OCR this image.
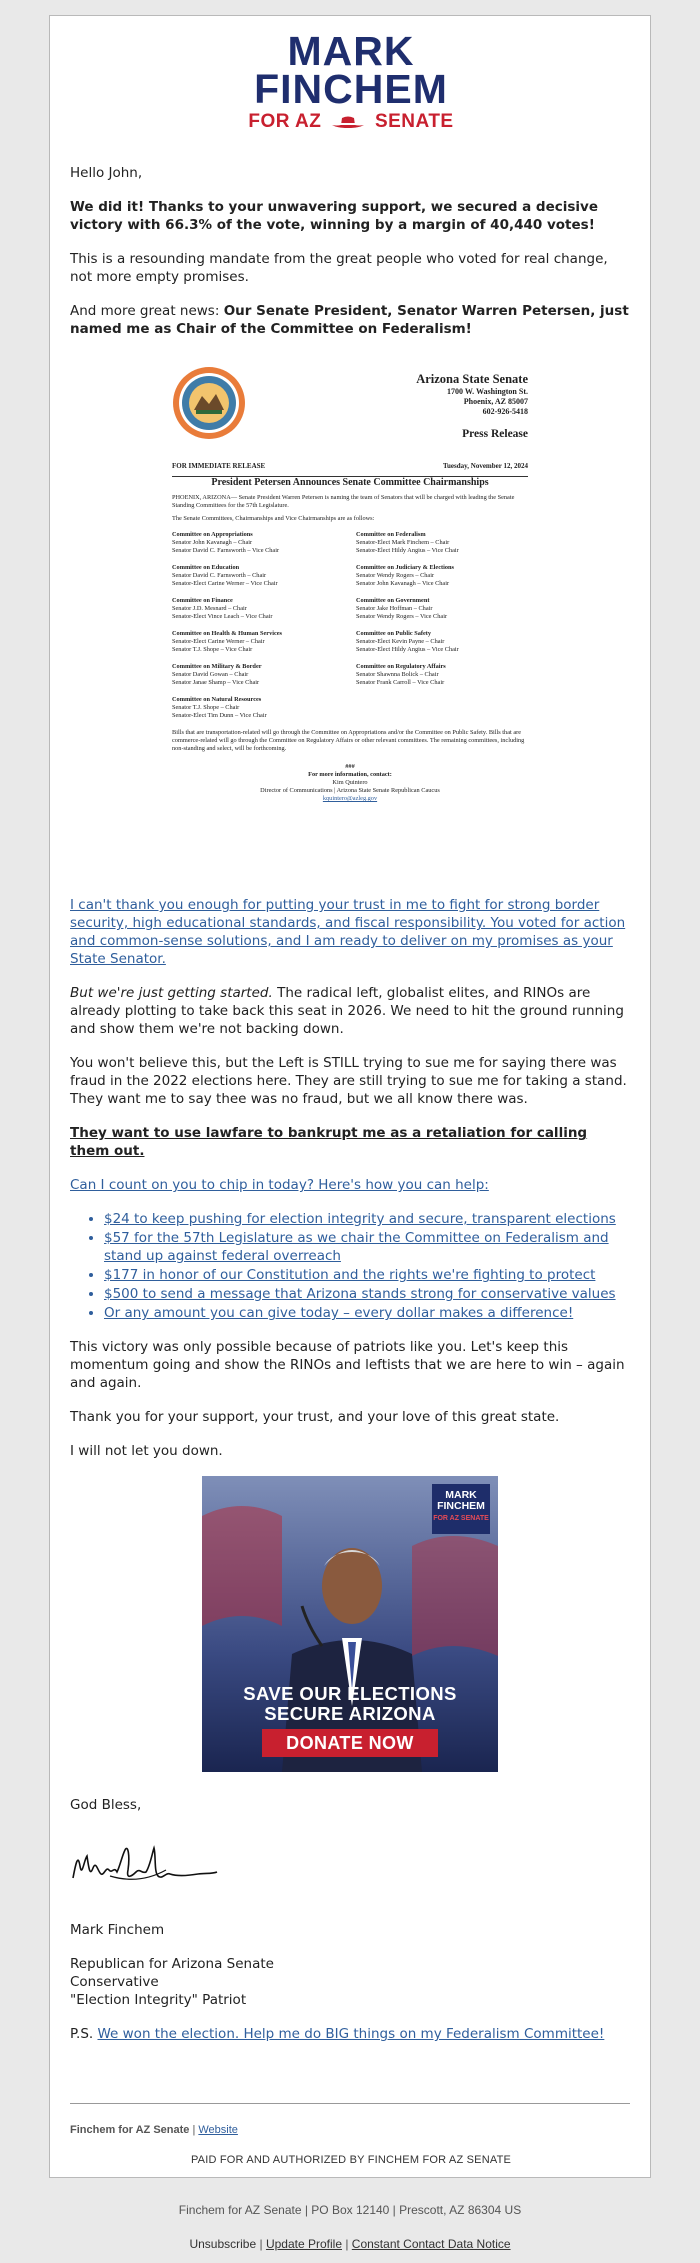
MARK
FINCHEM
FOR AZ	SENATE

Hello John,

We did it! Thanks to your unwavering support, we secured a decisive victory with 66.3% of the vote, winning by a margin of 40,440 votes!

This is a resounding mandate from the great people who voted for real change, not more empty promises.

And more great news: Our Senate President, Senator Warren Petersen, just named me as Chair of the Committee on Federalism!

Arizona State Senate
1700 W. Washington St.
Phoenix, AZ 85007
602-926-5418
Press Release
FOR IMMEDIATE RELEASE	Tuesday, November 12, 2024
President Petersen Announces Senate Committee Chairmanships
PHOENIX, ARIZONA— Senate President Warren Petersen is naming the team of Senators that will be charged with leading the Senate Standing Committees for the 57th Legislature.
The Senate Committees, Chairmanships and Vice Chairmanships are as follows:
Committee on Appropriations
Senator John Kavanagh – Chair
Senator David C. Farnsworth – Vice Chair
Committee on Education
Senator David C. Farnsworth – Chair
Senator-Elect Carine Werner – Vice Chair
Committee on Finance
Senator J.D. Mesnard – Chair
Senator-Elect Vince Leach – Vice Chair
Committee on Health & Human Services
Senator-Elect Carine Werner – Chair
Senator T.J. Shope – Vice Chair
Committee on Military & Border
Senator David Gowan – Chair
Senator Janae Shamp – Vice Chair
Committee on Natural Resources
Senator T.J. Shope – Chair
Senator-Elect Tim Dunn – Vice Chair
Committee on Federalism
Senator-Elect Mark Finchem – Chair
Senator-Elect Hildy Angius – Vice Chair
Committee on Judiciary & Elections
Senator Wendy Rogers – Chair
Senator John Kavanagh – Vice Chair
Committee on Government
Senator Jake Hoffman – Chair
Senator Wendy Rogers – Vice Chair
Committee on Public Safety
Senator-Elect Kevin Payne – Chair
Senator-Elect Hildy Angius – Vice Chair
Committee on Regulatory Affairs
Senator Shawnna Bolick – Chair
Senator Frank Carroll – Vice Chair
Bills that are transportation-related will go through the Committee on Appropriations and/or the Committee on Public Safety. Bills that are commerce-related will go through the Committee on Regulatory Affairs or other relevant committees. The remaining committees, including non-standing and select, will be forthcoming.
###
For more information, contact:
Kim Quintero
Director of Communications | Arizona State Senate Republican Caucus
kquintero@azleg.gov

I can't thank you enough for putting your trust in me to fight for strong border security, high educational standards, and fiscal responsibility. You voted for action and common-sense solutions, and I am ready to deliver on my promises as your State Senator.

But we're just getting started. The radical left, globalist elites, and RINOs are already plotting to take back this seat in 2026. We need to hit the ground running and show them we're not backing down.

You won't believe this, but the Left is STILL trying to sue me for saying there was fraud in the 2022 elections here. They are still trying to sue me for taking a stand. They want me to say thee was no fraud, but we all know there was.

They want to use lawfare to bankrupt me as a retaliation for calling them out.

Can I count on you to chip in today? Here's how you can help:

• $24 to keep pushing for election integrity and secure, transparent elections
• $57 for the 57th Legislature as we chair the Committee on Federalism and stand up against federal overreach
• $177 in honor of our Constitution and the rights we're fighting to protect
• $500 to send a message that Arizona stands strong for conservative values
• Or any amount you can give today – every dollar makes a difference!

This victory was only possible because of patriots like you. Let's keep this momentum going and show the RINOs and leftists that we are here to win – again and again.

Thank you for your support, your trust, and your love of this great state.

I will not let you down.

MARK
FINCHEM
FOR AZ SENATE
SAVE OUR ELECTIONS
SECURE ARIZONA
DONATE NOW

God Bless,

Mark Finchem

Republican for Arizona Senate
Conservative
"Election Integrity" Patriot

P.S. We won the election. Help me do BIG things on my Federalism Committee!

Finchem for AZ Senate | Website
PAID FOR AND AUTHORIZED BY FINCHEM FOR AZ SENATE
Finchem for AZ Senate | PO Box 12140 | Prescott, AZ 86304 US
Unsubscribe | Update Profile | Constant Contact Data Notice
